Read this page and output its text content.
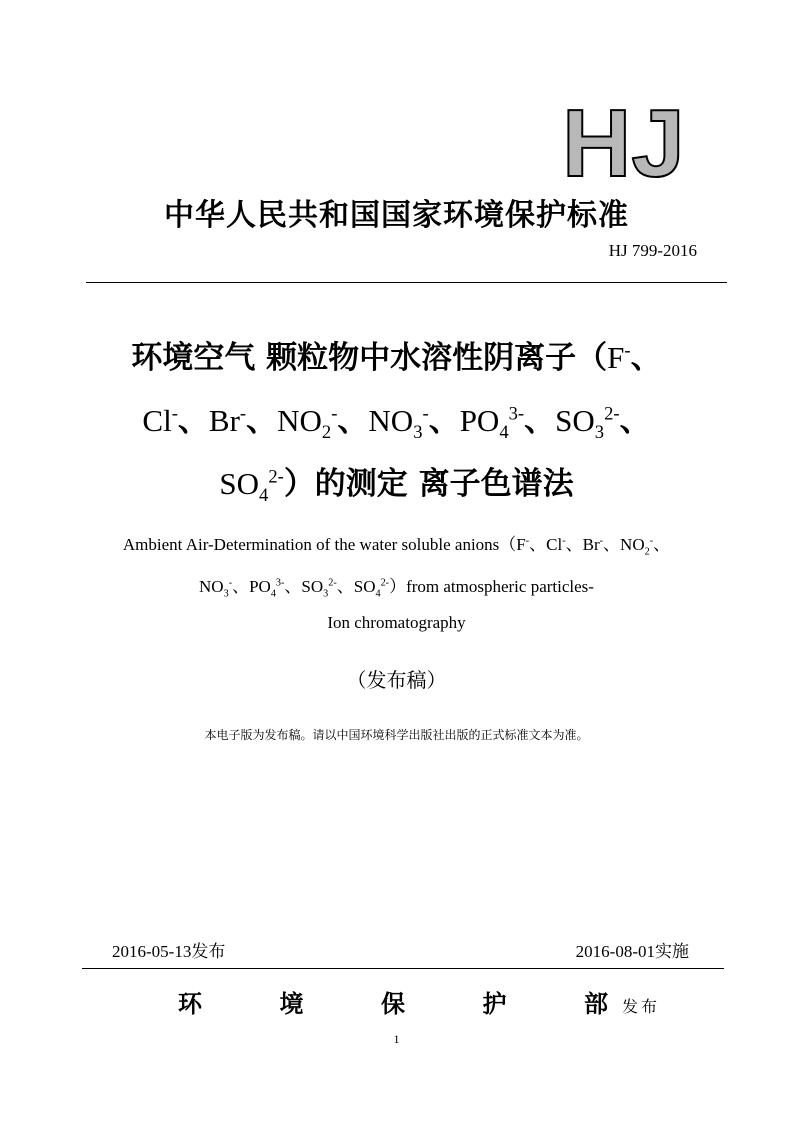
HJ
中华人民共和国国家环境保护标准
HJ 799-2016
环境空气 颗粒物中水溶性阴离子（F-、
Cl-、Br-、$NO_2^-$、$NO_3^-$、$PO_4^{3-}$、$SO_3^{2-}$、
$SO_4^{2-}$）的测定 离子色谱法
Ambient Air-Determination of the water soluble anions（F-、Cl-、Br-、$NO_2^-$、
$NO_3^-$、$PO_4^{3-}$、$SO_3^{2-}$、$SO_4^{2-})from$ atmospheric particles-
Ion chromatography
（发布稿）
本电子版为发布稿。请以中国环境科学出版社出版的正式标准文本为准。
2016-05-13发布	2016-08-01实施
环	境	保	护	部 发布
1
